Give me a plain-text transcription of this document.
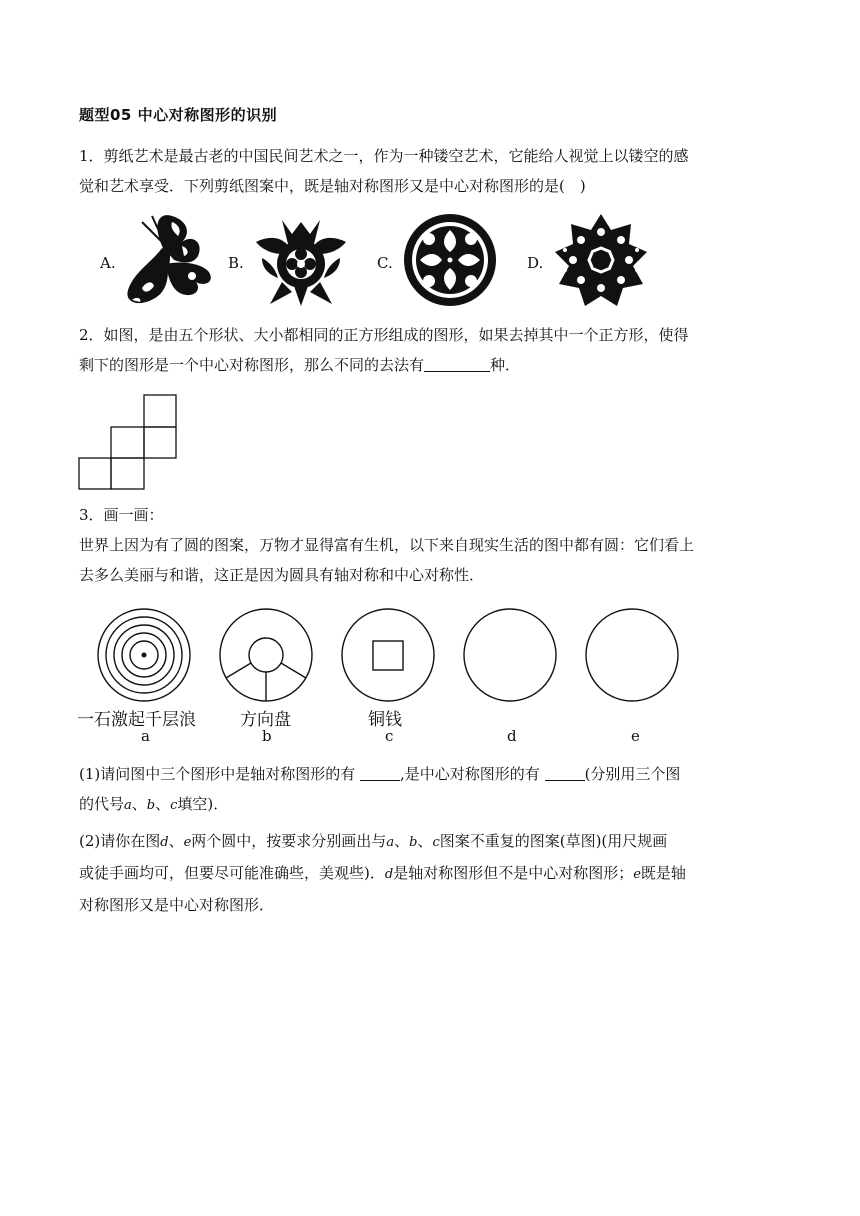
题型05 中心对称图形的识别
1．剪纸艺术是最古老的中国民间艺术之一，作为一种镂空艺术，它能给人视觉上以镂空的感
觉和艺术享受．下列剪纸图案中，既是轴对称图形又是中心对称图形的是(　)
A.	B.	C.	D.
2．如图，是由五个形状、大小都相同的正方形组成的图形，如果去掉其中一个正方形，使得
剩下的图形是一个中心对称图形，那么不同的去法有	种．
3．画一画：
世界上因为有了圆的图案，万物才显得富有生机，以下来自现实生活的图中都有圆：它们看上
去多么美丽与和谐，这正是因为圆具有轴对称和中心对称性．
一石激起千层浪	方向盘	铜钱
a	b	c	d	e
(1)请问图中三个图形中是轴对称图形的有	,是中心对称图形的有	(分别用三个图
的代号a、b、c填空)．
(2)请你在图d、e两个圆中，按要求分别画出与a、b、c图案不重复的图案(草图)(用尺规画
或徒手画均可，但要尽可能准确些，美观些)．d是轴对称图形但不是中心对称图形；e既是轴
对称图形又是中心对称图形．
